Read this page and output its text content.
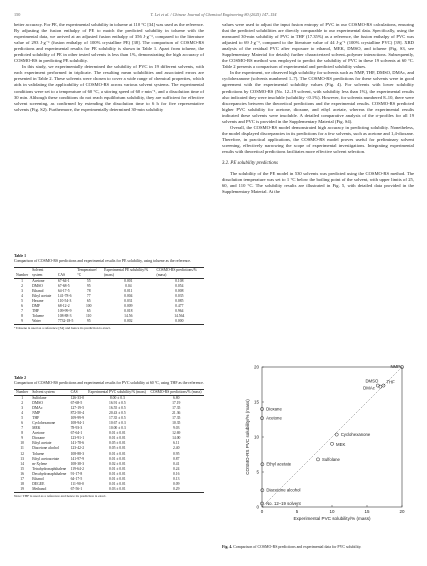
150	T. Lei et al. / Chinese Journal of Chemical Engineering 80 (2025) 147–154

better accuracy. For PE, the experimental solubility in toluene at 110 °C [34] was used as the reference. By adjusting the fusion enthalpy of PE to match the predicted solubility in toluene with the experimental data, we arrived at an adjusted fusion enthalpy of 356 J·g⁻¹, compared to the literature value of 293 J·g⁻¹ (fusion enthalpy of 100% crystalline PE) [38]. The comparison of COSMO-RS predictions and experimental results for PE solubility is shown in Table 1. Apart from toluene, the predicted solubility of PE in other tested solvents is less than 1%, demonstrating the high accuracy of COSMO-RS in predicting PE solubility.

In this study, we experimentally determined the solubility of PVC in 19 different solvents, with each experiment performed in triplicate. The resulting mean solubilities and associated errors are presented in Table 2. These solvents were chosen to cover a wide range of chemical properties, which aids in validating the applicability of COSMO-RS across various solvent systems. The experimental conditions were set to a temperature of 60 °C, a stirring speed of 60 r·min⁻¹, and a dissolution time of 30 min. Although these conditions do not reach equilibrium solubility, they are sufficient for effective solvent screening, as confirmed by extending the dissolution time to 6 h for five representative solvents (Fig. S2). Furthermore, the experimentally determined 30-min solubility

values were used to adjust the input fusion entropy of PVC in our COSMO-RS calculations, ensuring that the predicted solubilities are directly comparable to our experimental data. Specifically, using the measured 30-min solubility of PVC in THF (17.35%) as a reference, the fusion enthalpy of PVC was adjusted to 69 J·g⁻¹, compared to the literature value of 44 J·g⁻¹ (100% crystalline PVC) [39]. XRD analysis of the residual PVC after exposure to ethanol, MEK, DMSO, and toluene (Fig. S3, see Supplementary Material for details) further characterized solvent–polymer interactions. Subsequently, the COSMO-RS method was employed to predict the solubility of PVC in these 19 solvents at 60 °C. Table 2 presents a comparison of experimental and predicted solubility values.

In the experiment, we observed high solubility for solvents such as NMP, THF, DMSO, DMAc, and cyclohexanone (solvents numbered 1–7). The COSMO-RS predictions for these solvents were in good agreement with the experimental solubility values (Fig. 4). For solvents with lower solubility predictions by COSMO-RS (No. 12–19 solvent, with solubility less than 1%), the experimental results also indicated they were insoluble (solubility <0.1%). However, for solvents numbered 8–10, there were discrepancies between the theoretical predictions and the experimental results. COSMO-RS predicted higher PVC solubility for acetone, dioxane, and ethyl acetate, whereas the experimental results indicated these solvents were insoluble. A detailed comparative analysis of the σ-profiles for all 19 solvents and PVC is provided in the Supplementary Material (Fig. S4).

Overall, the COSMO-RS model demonstrated high accuracy in predicting solubility. Nonetheless, the model displayed discrepancies in its predictions for a few solvents, such as acetone and 1,4-dioxane. Therefore, in practical applications, the COSMO-RS model proves useful for preliminary solvent screening, effectively narrowing the scope of experimental investigations. Integrating experimental results with theoretical predictions facilitates more effective solvent selection.

3.2. PE solubility predictions

The solubility of the PE model in 530 solvents was predicted using the COSMO-RS method. The dissolution temperature was set to 1 °C below the boiling point of the solvent, with upper limits of 25, 60, and 110 °C. The solubility results are illustrated in Fig. 5, with detailed data provided in the Supplementary Material. At the

Table 1
Comparison of COSMO-RS predictions and experimental results for PE solubility, using toluene as the reference.
Number	Solvent system	CAS	Temperature/°C	Experimental PE solubility/% (mass)	COSMO-RS predictions/% (mass)
1	Acetone	67-64-1	55	0.001	0.108
2	DMSO	67-68-5	95	0.04	0.054
3	Ethanol	64-17-5	78	0.011	0.008
4	Ethyl acetate	141-78-6	77	0.004	0.035
5	Hexane	110-54-3	65	0.031	0.085
6	DMF	68-12-2	100	0.009	0.477
7	THF	109-99-9	65	0.018	0.964
8	Toluene	108-88-3	110	14.56	14.564
9	Water	7732-18-5	95	0.002	0.000
ᵃ Toluene is used as a reference [34] and hence its prediction is exact.
Table 2
Comparison of COSMO-RS predictions and experimental results for PVC solubility at 60 °C, using THF as the reference.
Number	Solvent system	CAS	Experimental PVC solubility/% (mass)	COSMO-RS predictions/% (mass)
1	Sulfolane	126-33-0	8.00 ± 0.3	6.80
2	DMSO	67-68-5	16.91 ± 0.5	17.19
3	DMAc	127-19-5	16.55 ± 0.5	17.35
4	NMP	872-50-4	20.43 ± 0.5	21.36
5	THF	109-99-9	17.35 ± 0.5	17.35
6	Cyclohexanone	108-94-1	10.67 ± 0.3	10.35
7	MEK	78-93-3	10.00 ± 0.3	9.03
8	Acetone	67-64-1	0.01 ± 0.01	12.69
9	Dioxane	123-91-1	0.01 ± 0.01	14.00
10	Ethyl acetate	141-78-6	0.05 ± 0.01	6.11
11	Diacetone alcohol	123-42-2	0.05 ± 0.01	2.40
12	Toluene	108-88-3	0.01 ± 0.01	0.95
13	Ethyl acetoacetate	141-97-9	0.01 ± 0.01	0.87
14	m-Xylene	108-38-3	0.02 ± 0.01	0.41
15	Tetrahydronaphthalene	119-64-2	0.01 ± 0.01	0.24
16	Decahydronaphthalene	91-17-8	0.01 ± 0.01	0.16
17	Ethanol	64-17-5	0.01 ± 0.01	0.13
18	DEGEE	111-90-0	0.01 ± 0.01	0.09
19	Methanol	67-56-1	0.03 ± 0.01	0.29
Note: THF is used as a reference and hence its prediction is exact.
0	5	10	15	20
0
5
10
15
20
Experimental PVC solubility/% (mass)
COSMO-RS PVC solubility/% (mass)
NMP
DMSO THF
DMAc
Dioxane
Acetone
Cyclohexanone
MEK
Ethyl acetate
Sulfolane
Diacetone alcohol
No. 12–19 solvent
Fig. 4. Comparison of COSMO-RS predictions and experimental data for PVC solubility.
